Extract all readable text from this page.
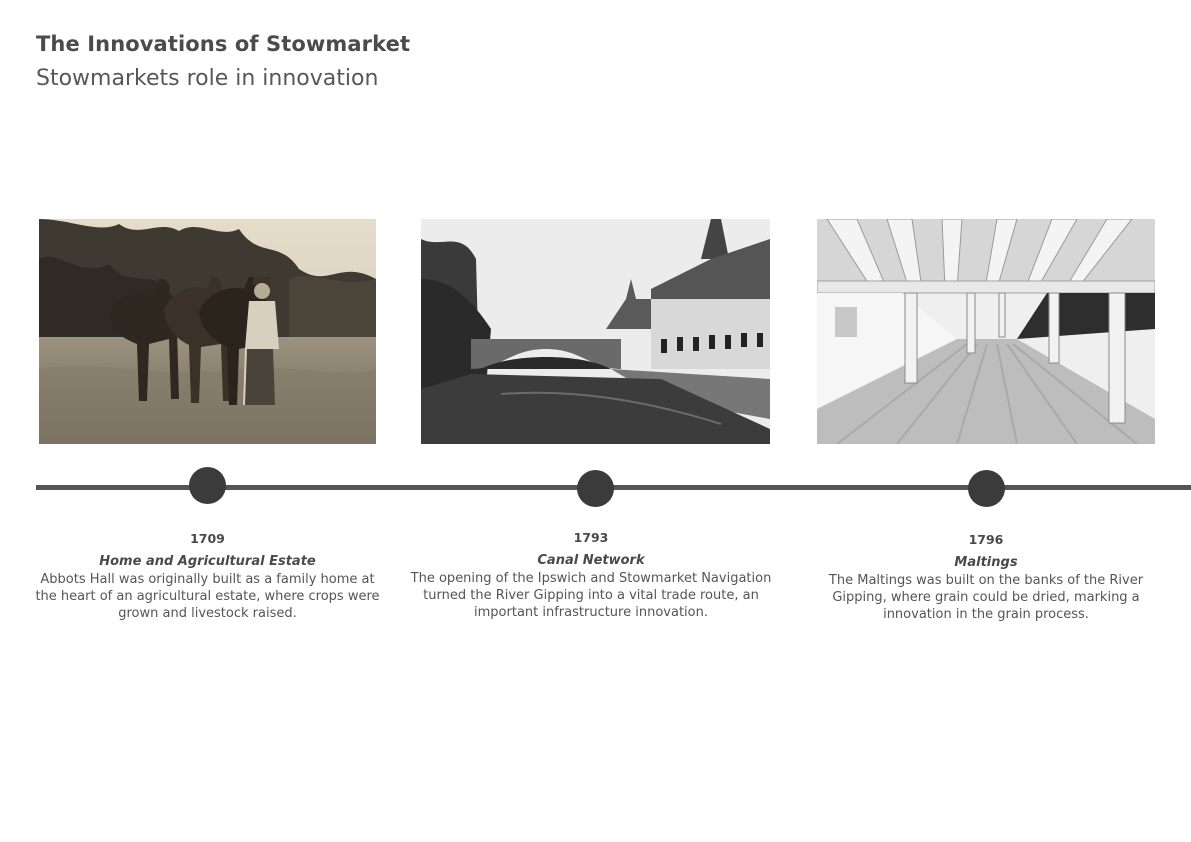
The Innovations of Stowmarket
Stowmarkets role in innovation
1709
Home and Agricultural Estate
Abbots Hall was originally built as a family home at the heart of an agricultural estate, where crops were grown and livestock raised.
1793
Canal Network
The opening of the Ipswich and Stowmarket Navigation turned the River Gipping into a vital trade route, an important infrastructure innovation.
1796
Maltings
The Maltings was built on the banks of the River Gipping, where grain could be dried, marking a innovation in the grain process.
